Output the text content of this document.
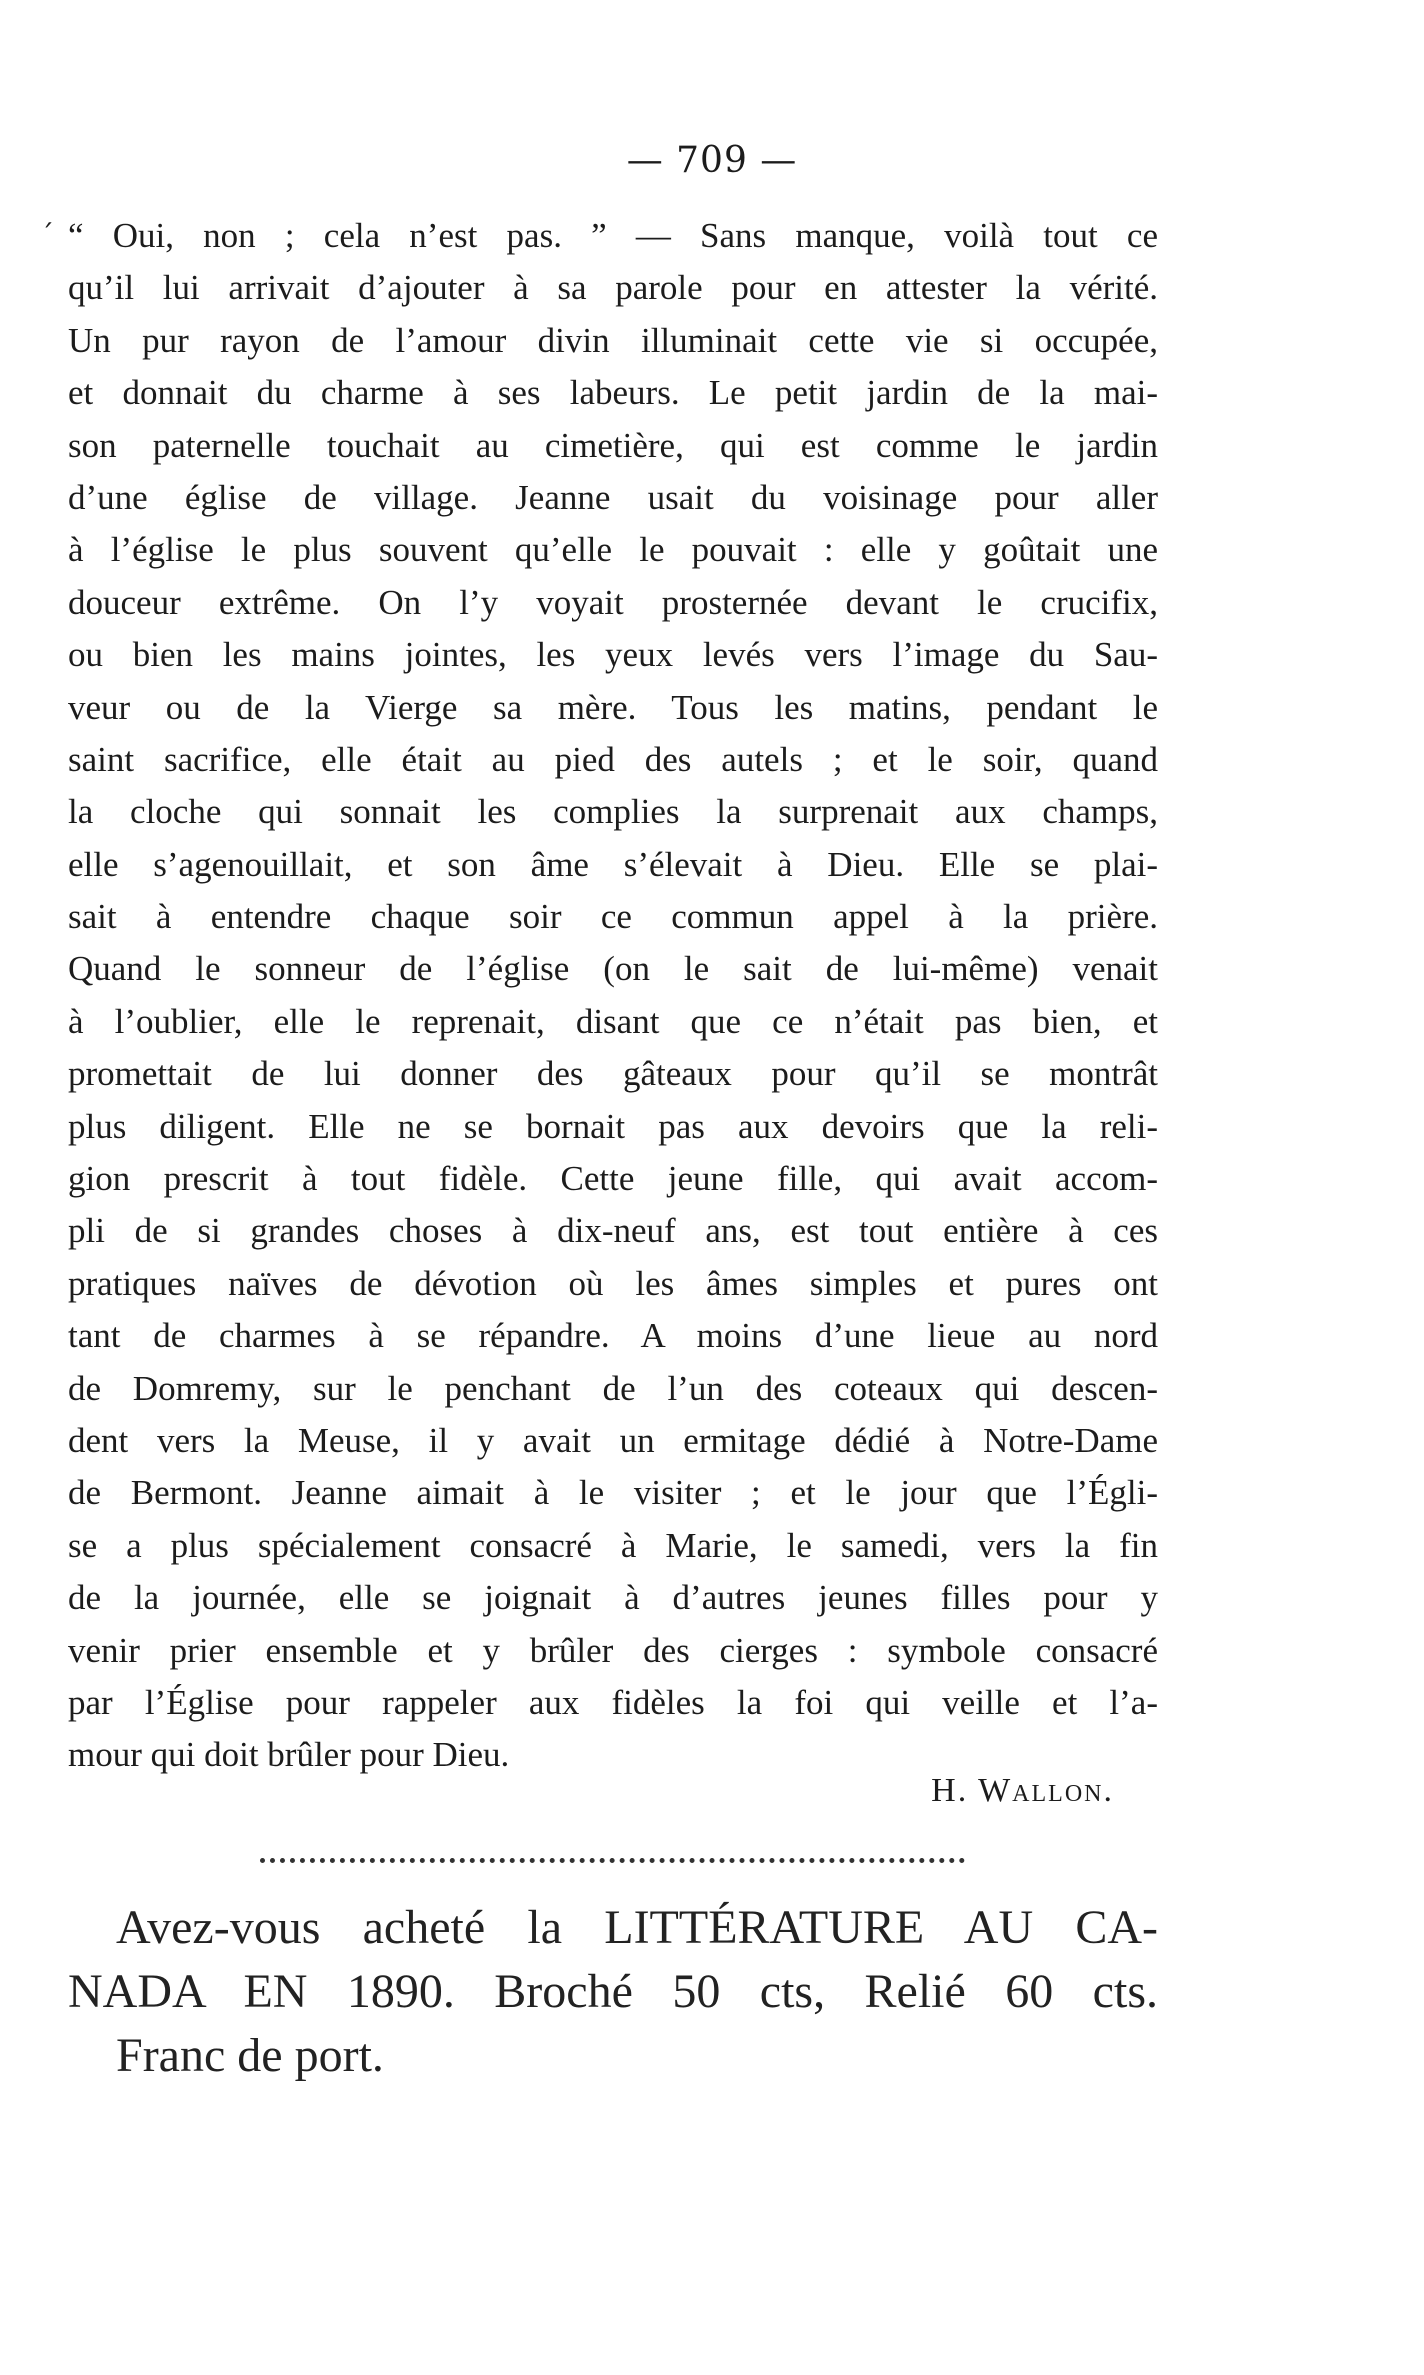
— 709 —
´ “ Oui, non ; cela n’est pas. ” — Sans manque, voilà tout ce
qu’il lui arrivait d’ajouter à sa parole pour en attester la vérité.
Un pur rayon de l’amour divin illuminait cette vie si occupée,
et donnait du charme à ses labeurs. Le petit jardin de la mai-
son paternelle touchait au cimetière, qui est comme le jardin
d’une église de village. Jeanne usait du voisinage pour aller
à l’église le plus souvent qu’elle le pouvait : elle y goûtait une
douceur extrême. On l’y voyait prosternée devant le crucifix,
ou bien les mains jointes, les yeux levés vers l’image du Sau-
veur ou de la Vierge sa mère. Tous les matins, pendant le
saint sacrifice, elle était au pied des autels ; et le soir, quand
la cloche qui sonnait les complies la surprenait aux champs,
elle s’agenouillait, et son âme s’élevait à Dieu. Elle se plai-
sait à entendre chaque soir ce commun appel à la prière.
Quand le sonneur de l’église (on le sait de lui-même) venait
à l’oublier, elle le reprenait, disant que ce n’était pas bien, et
promettait de lui donner des gâteaux pour qu’il se montrât
plus diligent. Elle ne se bornait pas aux devoirs que la reli-
gion prescrit à tout fidèle. Cette jeune fille, qui avait accom-
pli de si grandes choses à dix-neuf ans, est tout entière à ces
pratiques naïves de dévotion où les âmes simples et pures ont
tant de charmes à se répandre. A moins d’une lieue au nord
de Domremy, sur le penchant de l’un des coteaux qui descen-
dent vers la Meuse, il y avait un ermitage dédié à Notre-Dame
de Bermont. Jeanne aimait à le visiter ; et le jour que l’Égli-
se a plus spécialement consacré à Marie, le samedi, vers la fin
de la journée, elle se joignait à d’autres jeunes filles pour y
venir prier ensemble et y brûler des cierges : symbole consacré
par l’Église pour rappeler aux fidèles la foi qui veille et l’a-
mour qui doit brûler pour Dieu.
H. Wallon.
Avez-vous acheté la LITTÉRATURE AU CA-
NADA EN 1890. Broché 50 cts, Relié 60 cts.
Franc de port.
